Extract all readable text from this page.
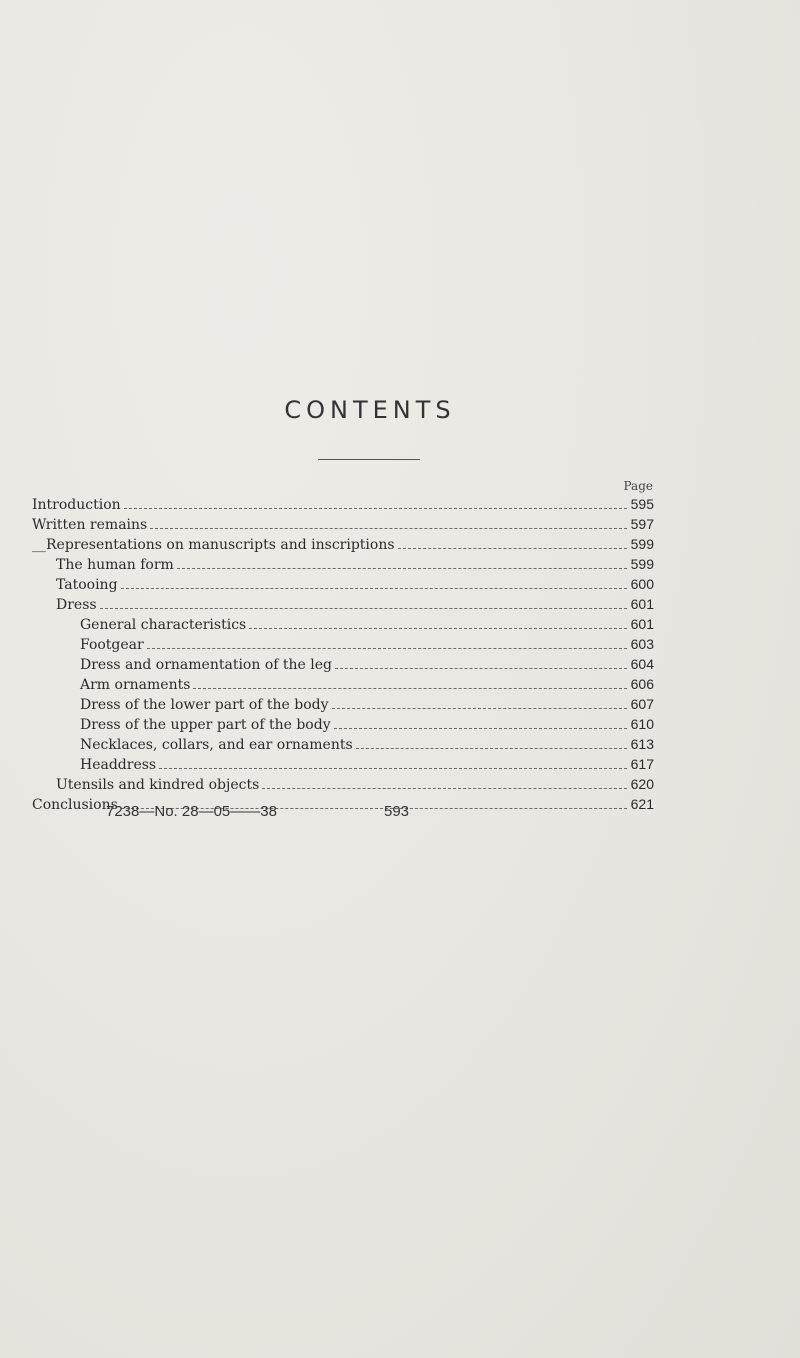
CONTENTS
Page
Introduction	595
Written remains	597
__Representations on manuscripts and inscriptions	599
The human form	599
Tatooing	600
Dress	601
General characteristics	601
Footgear	603
Dress and ornamentation of the leg	604
Arm ornaments	606
Dress of the lower part of the body	607
Dress of the upper part of the body	610
Necklaces, collars, and ear ornaments	613
Headdress	617
Utensils and kindred objects	620
Conclusions	621
7238—No. 28—05——38	593
